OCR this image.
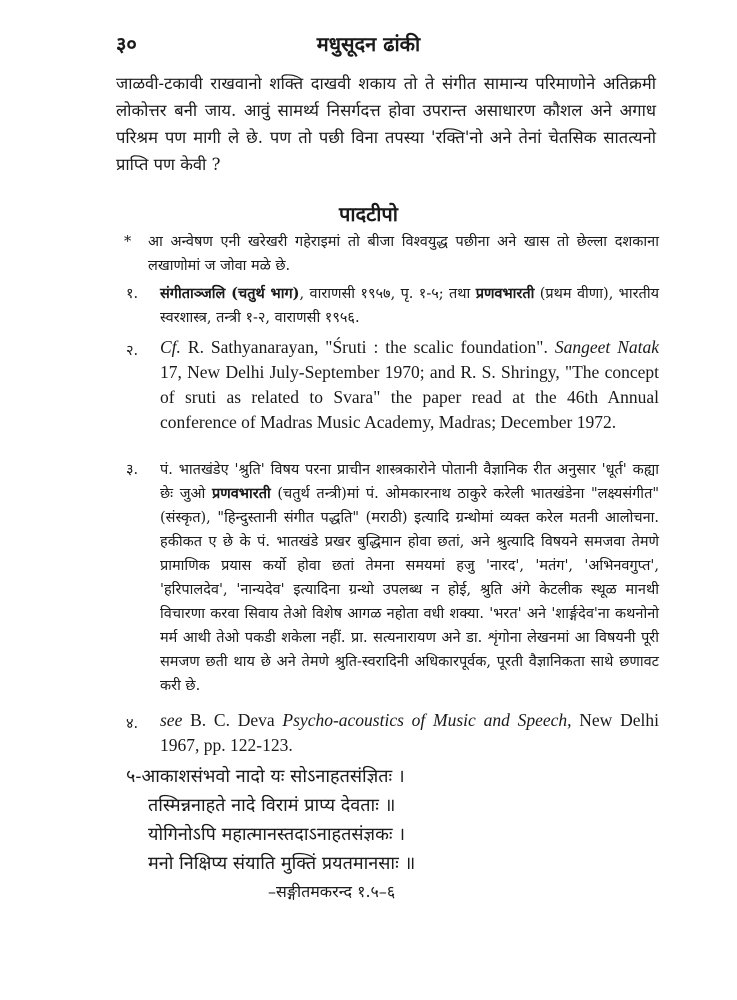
३०	मधुसूदन ढांकी
जाळवी-टकावी राखवानो शक्ति दाखवी शकाय तो ते संगीत सामान्य परिमाणोने अतिक्रमी लोकोत्तर बनी जाय. आवुं सामर्थ्य निसर्गदत्त होवा उपरान्त असाधारण कौशल अने अगाध परिश्रम पण मागी ले छे. पण तो पछी विना तपस्या 'रक्ति'नो अने तेनां चेतसिक सातत्यनो प्राप्ति पण केवी ?
पादटीपो
* आ अन्वेषण एनी खरेखरी गहेराइमां तो बीजा विश्वयुद्ध पछीना अने खास तो छेल्ला दशकाना लखाणोमां ज जोवा मळे छे.
१. संगीताञ्जलि (चतुर्थ भाग), वाराणसी १९५७, पृ. १-५; तथा प्रणवभारती (प्रथम वीणा), भारतीय स्वरशास्त्र, तन्त्री १-२, वाराणसी १९५६.
२. Cf. R. Sathyanarayan, "Śruti : the scalic foundation". Sangeet Natak 17, New Delhi July-September 1970; and R. S. Shringy, "The concept of sruti as related to Svara" the paper read at the 46th Annual conference of Madras Music Academy, Madras; December 1972.
३. पं. भातखंडेए 'श्रुति' विषय परना प्राचीन शास्त्रकारोने पोतानी वैज्ञानिक रीत अनुसार 'धूर्त' कह्या छेः जुओ प्रणवभारती (चतुर्थ तन्त्री)मां पं. ओमकारनाथ ठाकुरे करेली भातखंडेना "लक्ष्यसंगीत" (संस्कृत), "हिन्दुस्तानी संगीत पद्धति" (मराठी) इत्यादि ग्रन्थोमां व्यक्त करेल मतनी आलोचना. हकीकत ए छे के पं. भातखंडे प्रखर बुद्धिमान होवा छतां, अने श्रुत्यादि विषयने समजवा तेमणे प्रामाणिक प्रयास कर्यो होवा छतां तेमना समयमां हजु 'नारद', 'मतंग', 'अभिनवगुप्त', 'हरिपालदेव', 'नान्यदेव' इत्यादिना ग्रन्थो उपलब्ध न होई, श्रुति अंगे केटलीक स्थूळ मानथी विचारणा करवा सिवाय तेओ विशेष आगळ नहोता वधी शक्या. 'भरत' अने 'शार्ङ्गदेव'ना कथनोनो मर्म आथी तेओ पकडी शकेला नहीं. प्रा. सत्यनारायण अने डा. शृंगोना लेखनमां आ विषयनी पूरी समजण छती थाय छे अने तेमणे श्रुति-स्वरादिनी अधिकारपूर्वक, पूरती वैज्ञानिकता साथे छणावट करी छे.
४. see B. C. Deva Psycho-acoustics of Music and Speech, New Delhi 1967, pp. 122-123.
५-आकाशसंभवो नादो यः सोऽनाहतसंज्ञितः ।
तस्मिन्ननाहते नादे विरामं प्राप्य देवताः ॥
योगिनोऽपि महात्मानस्तदाऽनाहतसंज्ञकः ।
मनो निक्षिप्य संयाति मुक्तिं प्रयतमानसाः ॥
–सङ्गीतमकरन्द १.५–६
